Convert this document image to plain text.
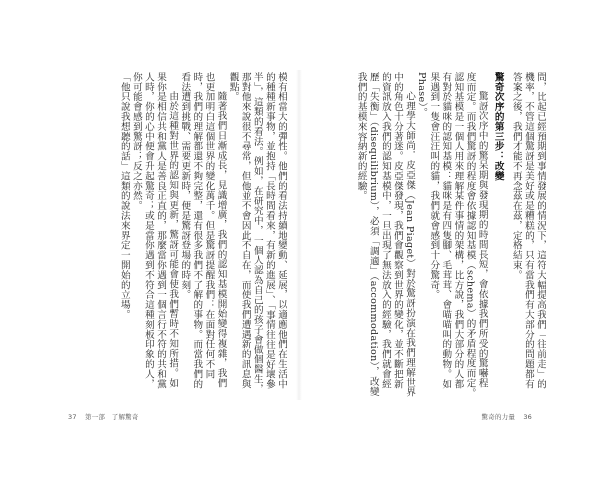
模有相當大的彈性。他們的看法持續地變動、延展，以適應他們在生活中的種種新事物，並抱持「長時間看來，有新的進展」、「事情往往是好壞參半」，這類的看法。例如，在研究中，一個人認為自己的孩子會做個醫生，那對他來說很不尋常，但他並不會因此不自在，而使我們遭遇新的訊息與觀點。
隨著我們日漸成長，見識增廣，我們的認知基模開始變得複雜，我們也更加明白這個世界的變化萬千。但是驚訝提醒我們：在面對任何不同時，我們的理解都還不夠完整，還有很多我們不了解的事物。而當我們的看法遭到挑戰、需要更新時，便是驚訝登場的時刻。
由於這種對世界的認知與更新，驚訝可能會使我們暫時不知所措。如果你是相信共和黨人是善良正直的，那麼當你遇到一個言行不符的共和黨人時，你的心中便會升起驚奇；或是當你遇到不符合這種刻板印象的人，你可能會感到驚訝；反之亦然。
「他只說我想聽的話」這類的說法來界定一開始的立場。	問，比起已經預期到事情發展的情況下，這符大幅提高我們「往前走」的機率，不管這個驚訝是美好或是糟糕的，只有當我們有大部分的問題都有答案之後，我們才能不再念茲在茲，定格結束。
驚奇次序的第三步：改變
驚訝次序中的驚呆期與發現期的時間長短，會依據我們所受的驚嚇程度而定。而我們驚訝的程度會依據認知基模（schema）的矛盾程度而定。認知基模是一個人用來理解某件事情的架構，比方說，我們大部分的人都有對於貓咪的認知基模：貓咪是有四隻腳、毛茸茸、會喵喵叫的動物。如果遇到一隻會汪汪叫的貓，我們就會感到十分驚奇。
Phase）。
心理學大師尚．皮亞傑（Jean Piaget）對於驚訝扮演在我們理解世界中的角色十分著迷。皮亞傑發現，我們會觀察到世界的變化，並不斷把新的資訊放入我們的認知基模中，一旦出現了無法放入的經驗，我們就會經歷「失衡」（disequilibrium），必須「調適」（accommodation），改變我們的基模來容納新的經驗。
37 第一部　了解驚奇	驚奇的力量 36
